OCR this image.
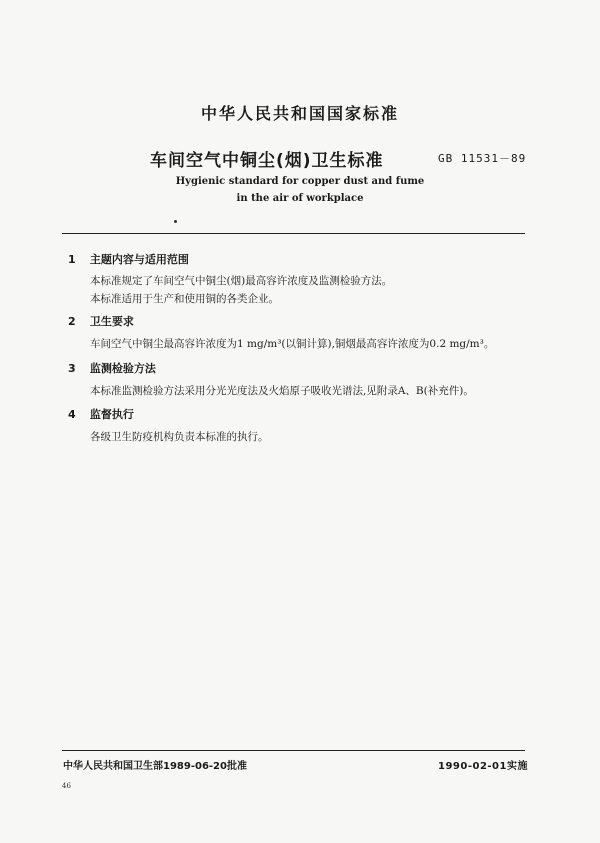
中华人民共和国国家标准
车间空气中铜尘(烟)卫生标准	GB 11531－89
Hygienic standard for copper dust and fume
in the air of workplace
1 主题内容与适用范围
本标准规定了车间空气中铜尘(烟)最高容许浓度及监测检验方法。
本标准适用于生产和使用铜的各类企业。
2 卫生要求
车间空气中铜尘最高容许浓度为1 mg/m³(以铜计算),铜烟最高容许浓度为0.2 mg/m³。
3 监测检验方法
本标准监测检验方法采用分光光度法及火焰原子吸收光谱法,见附录A、B(补充件)。
4 监督执行
各级卫生防疫机构负责本标准的执行。
中华人民共和国卫生部1989-06-20批准	1990-02-01实施
46
